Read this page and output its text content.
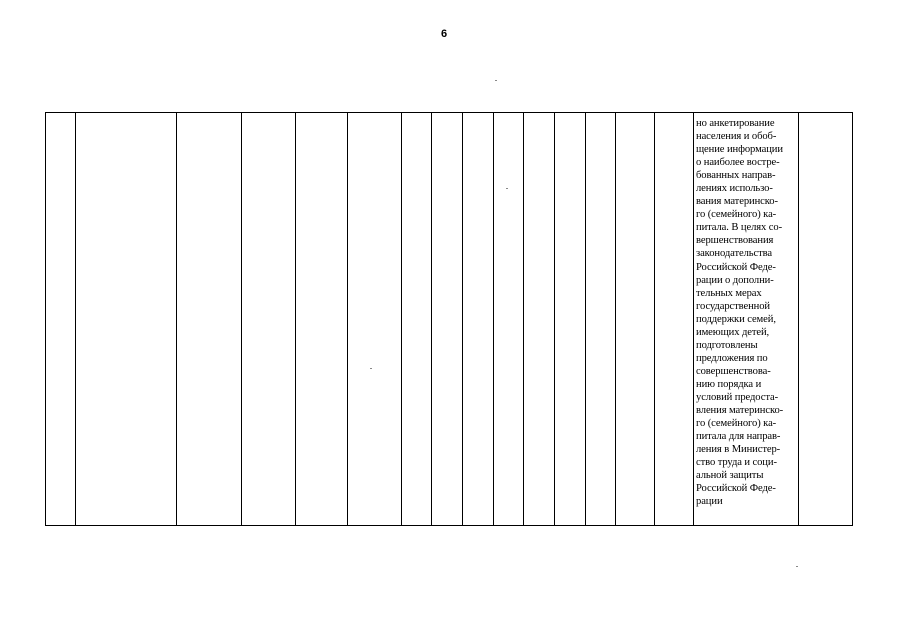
6
но анкетирование
населения и обоб-
щение информации
о наиболее востре-
бованных направ-
лениях использо-
вания материнско-
го (семейного) ка-
питала. В целях со-
вершенствования
законодательства
Российской Феде-
рации о дополни-
тельных мерах
государственной
поддержки семей,
имеющих детей,
подготовлены
предложения по
совершенствова-
нию порядка и
условий предоста-
вления материнско-
го (семейного) ка-
питала для направ-
ления в Министер-
ство труда и соци-
альной защиты
Российской Феде-
рации
